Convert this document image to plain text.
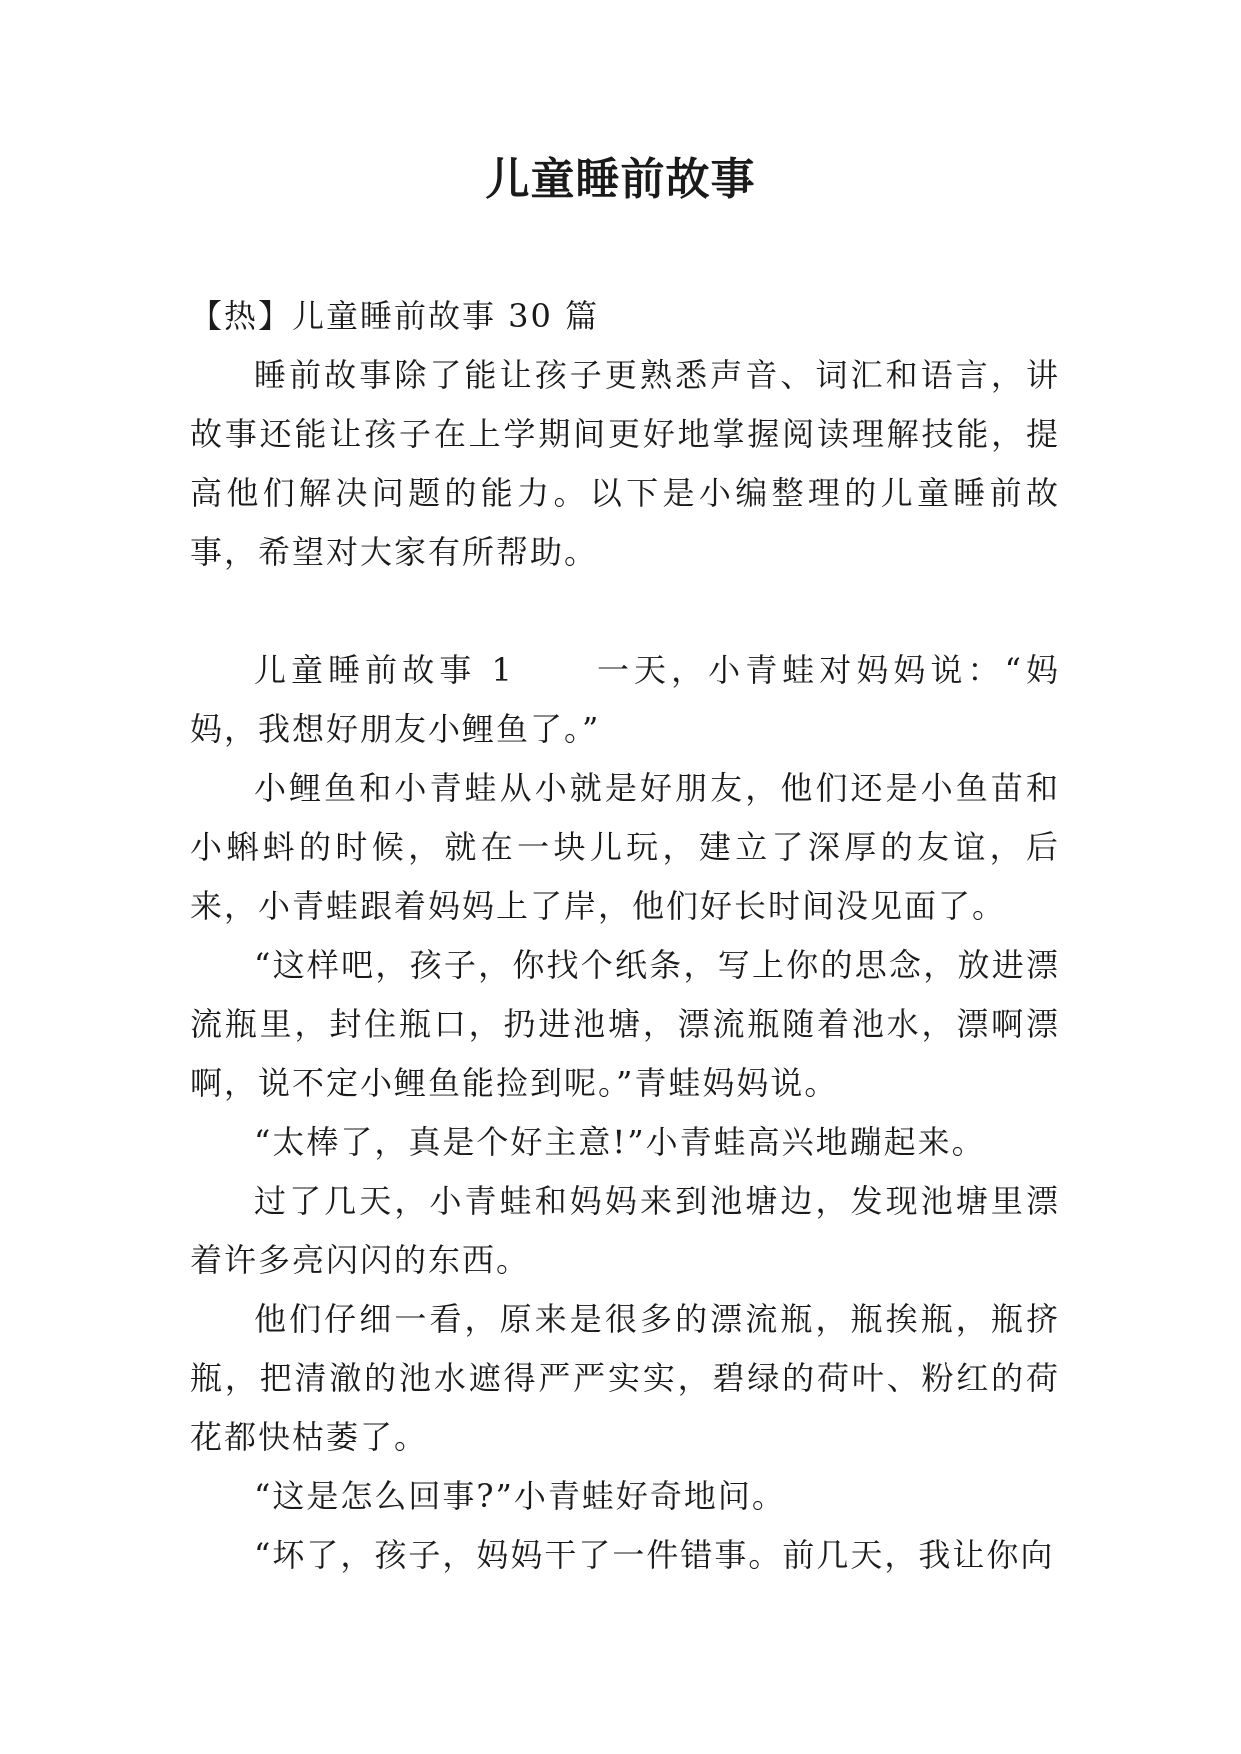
儿童睡前故事

【热】儿童睡前故事 30 篇

睡前故事除了能让孩子更熟悉声音、词汇和语言，讲故事还能让孩子在上学期间更好地掌握阅读理解技能，提高他们解决问题的能力。以下是小编整理的儿童睡前故事，希望对大家有所帮助。

儿童睡前故事 1	一天，小青蛙对妈妈说：“妈妈，我想好朋友小鲤鱼了。”

小鲤鱼和小青蛙从小就是好朋友，他们还是小鱼苗和小蝌蚪的时候，就在一块儿玩，建立了深厚的友谊，后来，小青蛙跟着妈妈上了岸，他们好长时间没见面了。

“这样吧，孩子，你找个纸条，写上你的思念，放进漂流瓶里，封住瓶口，扔进池塘，漂流瓶随着池水，漂啊漂啊，说不定小鲤鱼能捡到呢。”青蛙妈妈说。

“太棒了，真是个好主意!”小青蛙高兴地蹦起来。

过了几天，小青蛙和妈妈来到池塘边，发现池塘里漂着许多亮闪闪的东西。

他们仔细一看，原来是很多的漂流瓶，瓶挨瓶，瓶挤瓶，把清澈的池水遮得严严实实，碧绿的荷叶、粉红的荷花都快枯萎了。

“这是怎么回事?”小青蛙好奇地问。

“坏了，孩子，妈妈干了一件错事。前几天，我让你向
